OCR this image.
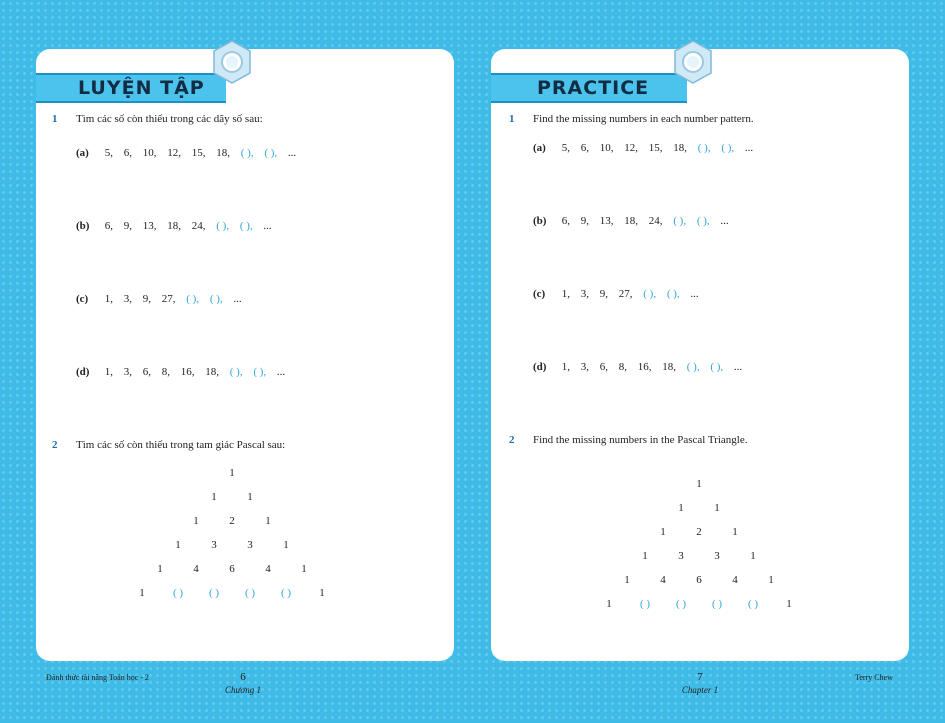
LUYỆN TẬP
1 Tìm các số còn thiếu trong các dãy số sau:
(a) 5, 6, 10, 12, 15, 18, ( ), ( ), ...
(b) 6, 9, 13, 18, 24, ( ), ( ), ...
(c) 1, 3, 9, 27, ( ), ( ), ...
(d) 1, 3, 6, 8, 16, 18, ( ), ( ), ...
2 Tìm các số còn thiếu trong tam giác Pascal sau:
1
1	1
1	2	1
1	3	3	1
1	4	6	4	1
1	( )	( )	( )	( )	1
PRACTICE
1 Find the missing numbers in each number pattern.
(a) 5, 6, 10, 12, 15, 18, ( ), ( ), ...
(b) 6, 9, 13, 18, 24, ( ), ( ), ...
(c) 1, 3, 9, 27, ( ), ( ), ...
(d) 1, 3, 6, 8, 16, 18, ( ), ( ), ...
2 Find the missing numbers in the Pascal Triangle.
1
1	1
1	2	1
1	3	3	1
1	4	6	4	1
1	( )	( )	( )	( )	1
Đánh thức tài năng Toán học - 2	6
Chương 1
7
Chapter 1
Terry Chew
